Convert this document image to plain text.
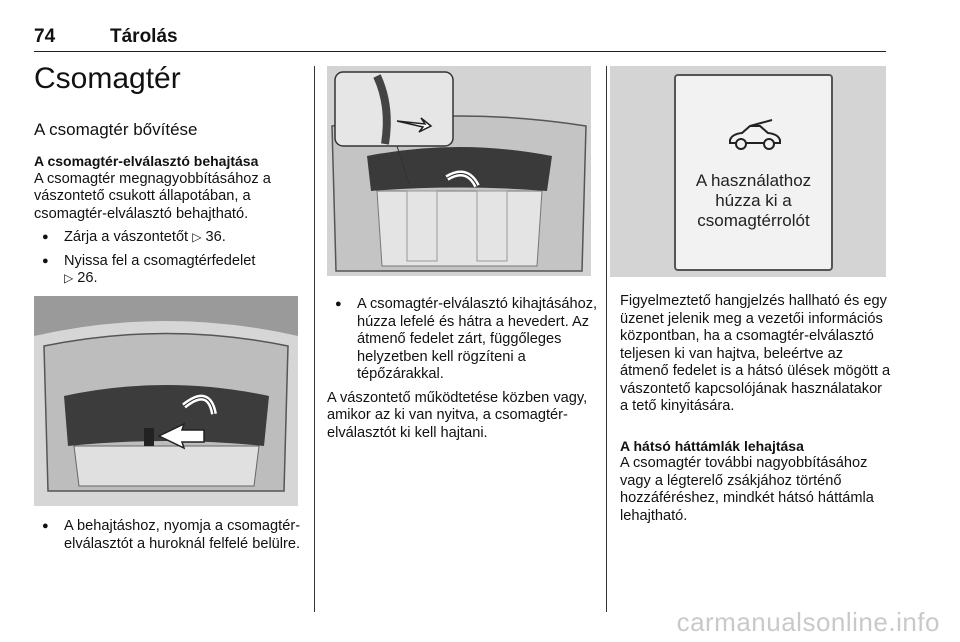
74	Tárolás
Csomagtér
A csomagtér bővítése

A csomagtér-elválasztó behajtása

A csomagtér megnagyobbításához a vászontető csukott állapotában, a csomagtér-elválasztó behajtható.

● Zárja a vászontetőt ▷ 36.
● Nyissa fel a csomagtérfedelet
▷ 26.
● A behajtáshoz, nyomja a csomagtér-elválasztót a huroknál felfelé belülre.
● A csomagtér-elválasztó kihajtásához, húzza lefelé és hátra a hevedert. Az átmenő fedelet zárt, függőleges helyzetben kell rögzíteni a tépőzárakkal.

A vászontető működtetése közben vagy, amikor az ki van nyitva, a csomagtér-elválasztót ki kell hajtani.

A használathoz húzza ki a csomagtérrolót

Figyelmeztető hangjelzés hallható és egy üzenet jelenik meg a vezetői információs központban, ha a csomagtér-elválasztó teljesen ki van hajtva, beleértve az átmenő fedelet is a hátsó ülések mögött a vászontető kapcsolójának használatakor a tető kinyitására.

A hátsó háttámlák lehajtása

A csomagtér további nagyobbításához vagy a légterelő zsákjához történő hozzáféréshez, mindkét hátsó háttámla lehajtható.

carmanualsonline.info
